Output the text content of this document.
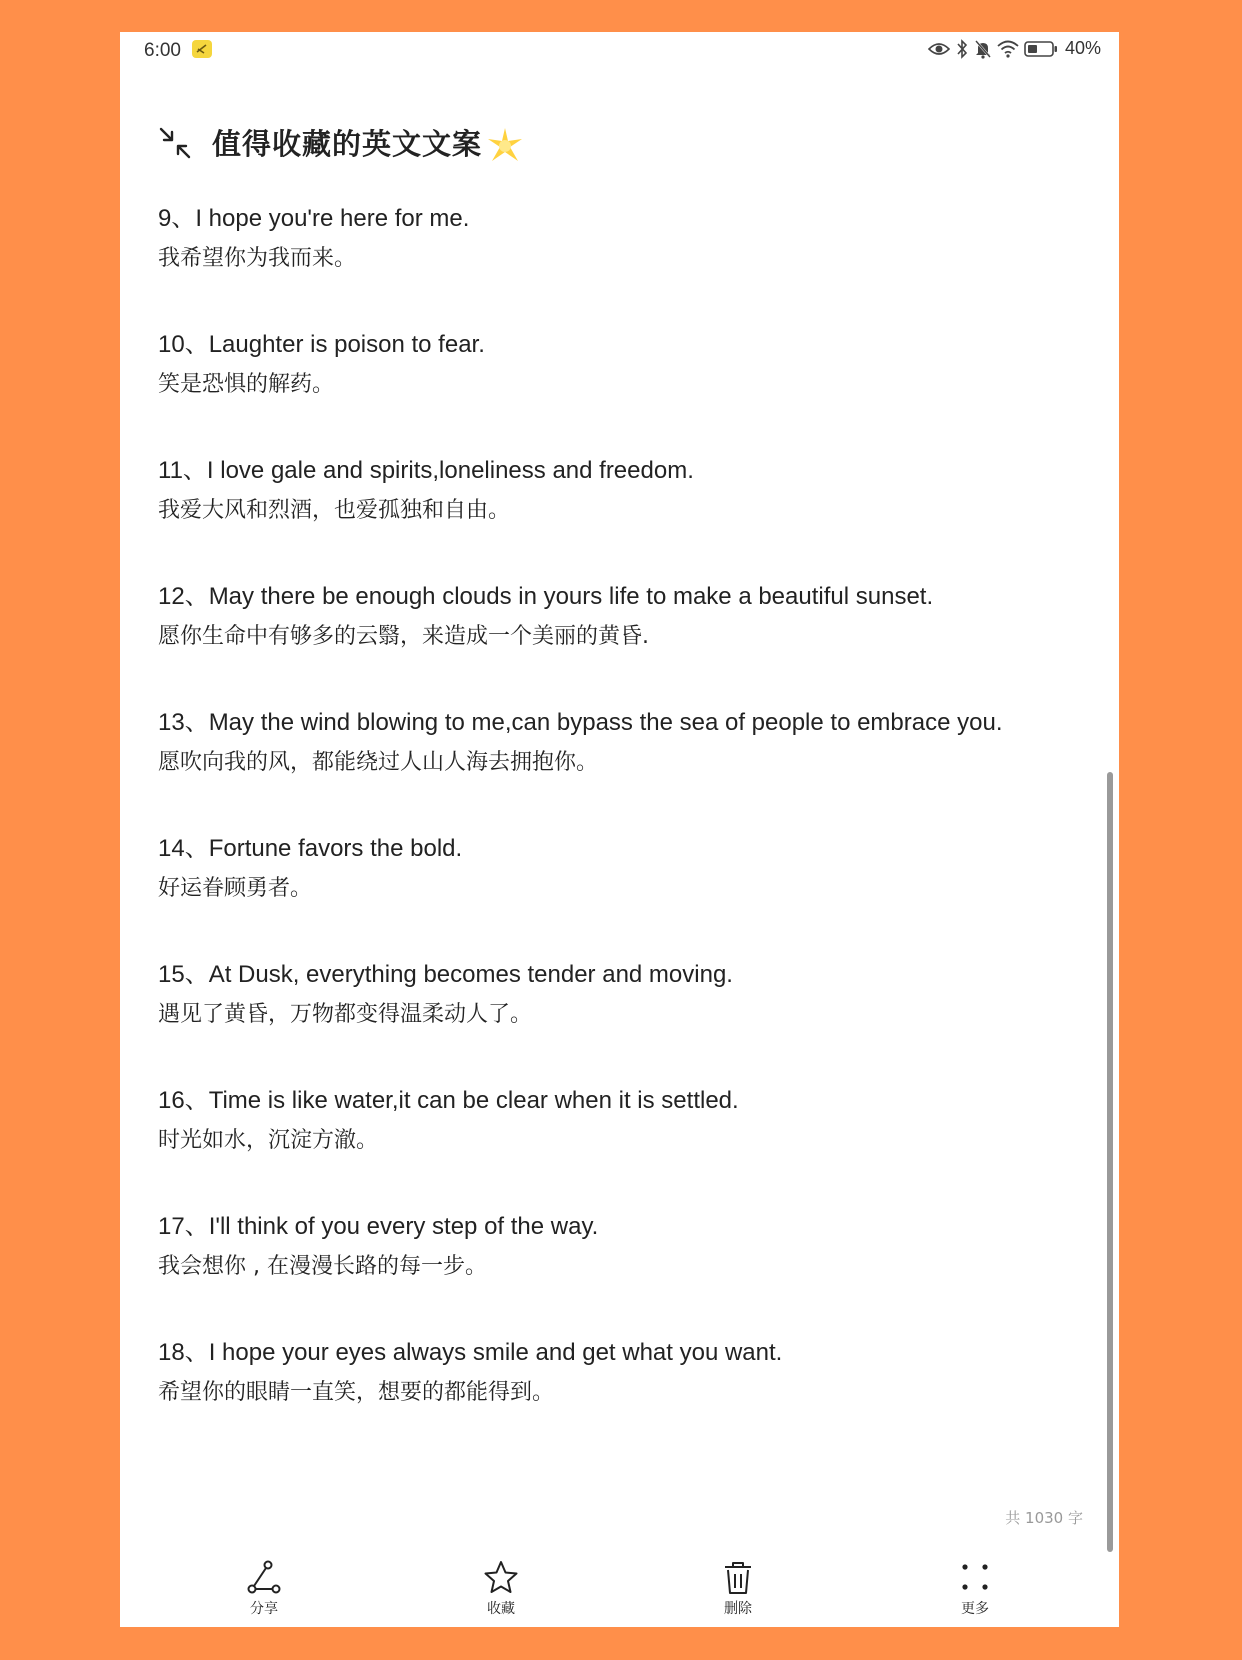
6:00	40%
值得收藏的英文文案
9、I hope you're here for me.
我希望你为我而来。
10、Laughter is poison to fear.
笑是恐惧的解药。
11、I love gale and spirits,loneliness and freedom.
我爱大风和烈酒，也爱孤独和自由。
12、May there be enough clouds in yours life to make a beautiful sunset.
愿你生命中有够多的云翳，来造成一个美丽的黄昏.
13、May the wind blowing to me,can bypass the sea of people to embrace you.
愿吹向我的风，都能绕过人山人海去拥抱你。
14、Fortune favors the bold.
好运眷顾勇者。
15、At Dusk, everything becomes tender and moving.
遇见了黄昏，万物都变得温柔动人了。
16、Time is like water,it can be clear when it is settled.
时光如水，沉淀方澈。
17、I'll think of you every step of the way.
我会想你 , 在漫漫长路的每一步。
18、I hope your eyes always smile and get what you want.
希望你的眼睛一直笑，想要的都能得到。
共 1030 字
分享	收藏	删除	更多
